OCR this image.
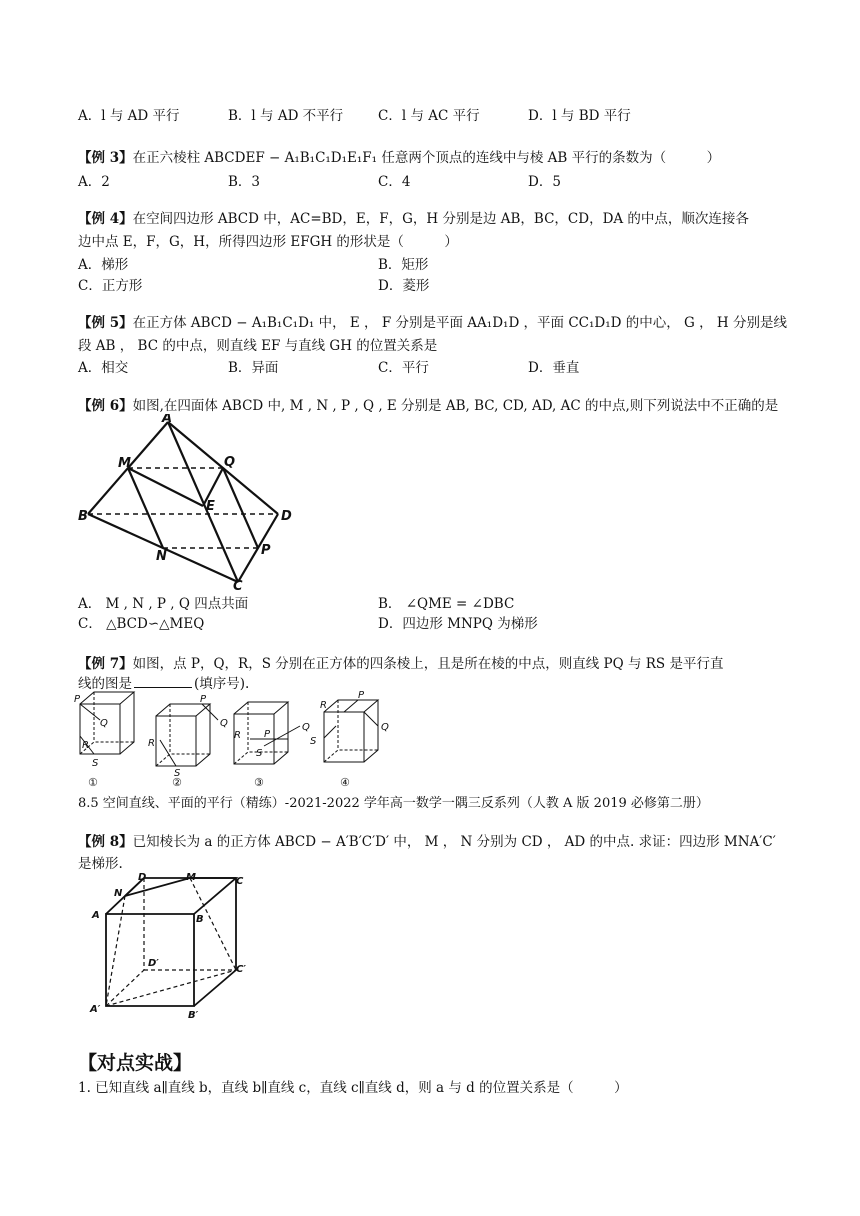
A．l 与 AD 平行	B．l 与 AD 不平行	C．l 与 AC 平行	D．l 与 BD 平行
【例 3】在正六棱柱 ABCDEF − A₁B₁C₁D₁E₁F₁ 任意两个顶点的连线中与棱 AB 平行的条数为（　　　）
A．2	B．3	C．4	D．5
【例 4】在空间四边形 ABCD 中，AC=BD，E，F，G，H 分别是边 AB，BC，CD，DA 的中点，顺次连接各
边中点 E，F，G，H，所得四边形 EFGH 的形状是（　　　）
A．梯形	B．矩形
C．正方形	D．菱形
【例 5】在正方体 ABCD − A₁B₁C₁D₁ 中， E ， F 分别是平面 AA₁D₁D ，平面 CC₁D₁D 的中心， G ， H 分别是线
段 AB ， BC 的中点，则直线 EF 与直线 GH 的位置关系是
A．相交	B．异面	C．平行	D．垂直
【例 6】如图,在四面体 ABCD 中, M , N , P , Q , E 分别是 AB, BC, CD, AD, AC 的中点,则下列说法中不正确的是
A
M	Q
B
E
D
N	P
C
A． M , N , P , Q 四点共面	B． ∠QME = ∠DBC
C． △BCD∽△MEQ	D．四边形 MNPQ 为梯形
【例 7】如图，点 P，Q，R，S 分别在正方体的四条棱上，且是所在棱的中点，则直线 PQ 与 RS 是平行直
线的图是	(填序号).
P
Q
R
S
P
Q
R
S
P
Q
R
S
P
Q
R
S
①	②	③	④
8.5 空间直线、平面的平行（精练）-2021-2022 学年高一数学一隅三反系列（人教 A 版 2019 必修第二册）
【例 8】已知棱长为 a 的正方体 ABCD − A′B′C′D′ 中， M ， N 分别为 CD ， AD 的中点. 求证：四边形 MNA′C′
是梯形.
D	M	C
N
A	B
D′
C′
A′
B′
【对点实战】
1. 已知直线 a∥直线 b，直线 b∥直线 c，直线 c∥直线 d，则 a 与 d 的位置关系是（　　　）
